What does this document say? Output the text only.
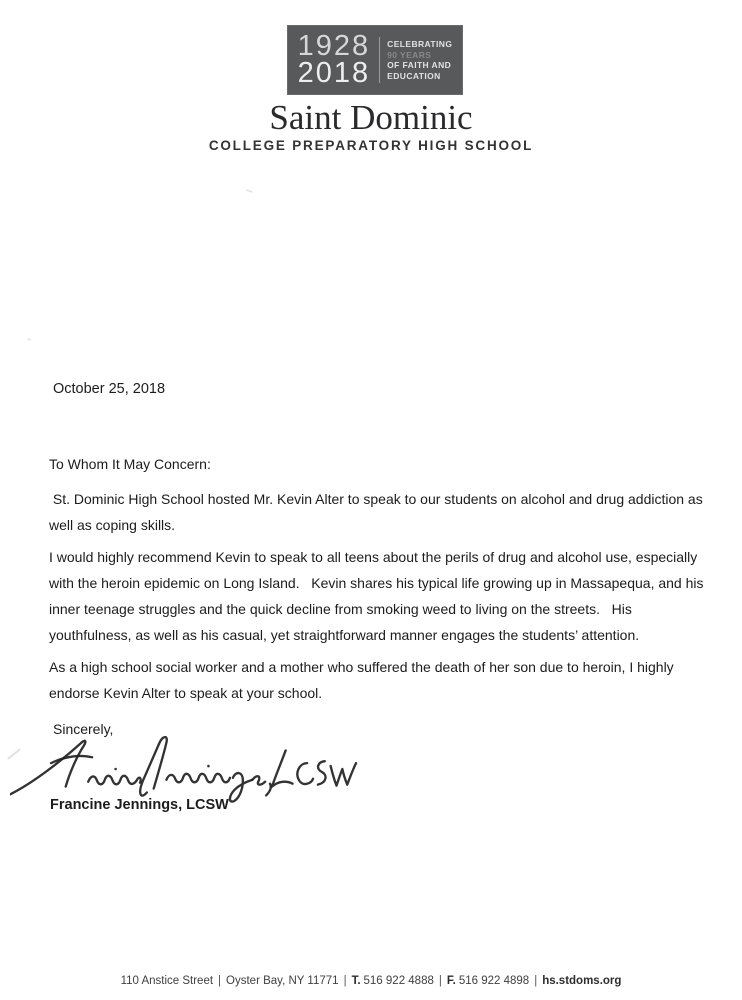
1928
2018
CELEBRATING
90 YEARS
OF FAITH AND
EDUCATION
Saint Dominic
COLLEGE PREPARATORY HIGH SCHOOL
October 25, 2018

To Whom It May Concern:

St. Dominic High School hosted Mr. Kevin Alter to speak to our students on alcohol and drug addiction as well as coping skills.

I would highly recommend Kevin to speak to all teens about the perils of drug and alcohol use, especially with the heroin epidemic on Long Island.   Kevin shares his typical life growing up in Massapequa, and his inner teenage struggles and the quick decline from smoking weed to living on the streets.   His youthfulness, as well as his casual, yet straightforward manner engages the students’ attention.

As a high school social worker and a mother who suffered the death of her son due to heroin, I highly endorse Kevin Alter to speak at your school.

Sincerely,
Francine Jennings, LCSW
110 Anstice Street | Oyster Bay, NY 11771 | T. 516 922 4888 | F. 516 922 4898 | hs.stdoms.org
